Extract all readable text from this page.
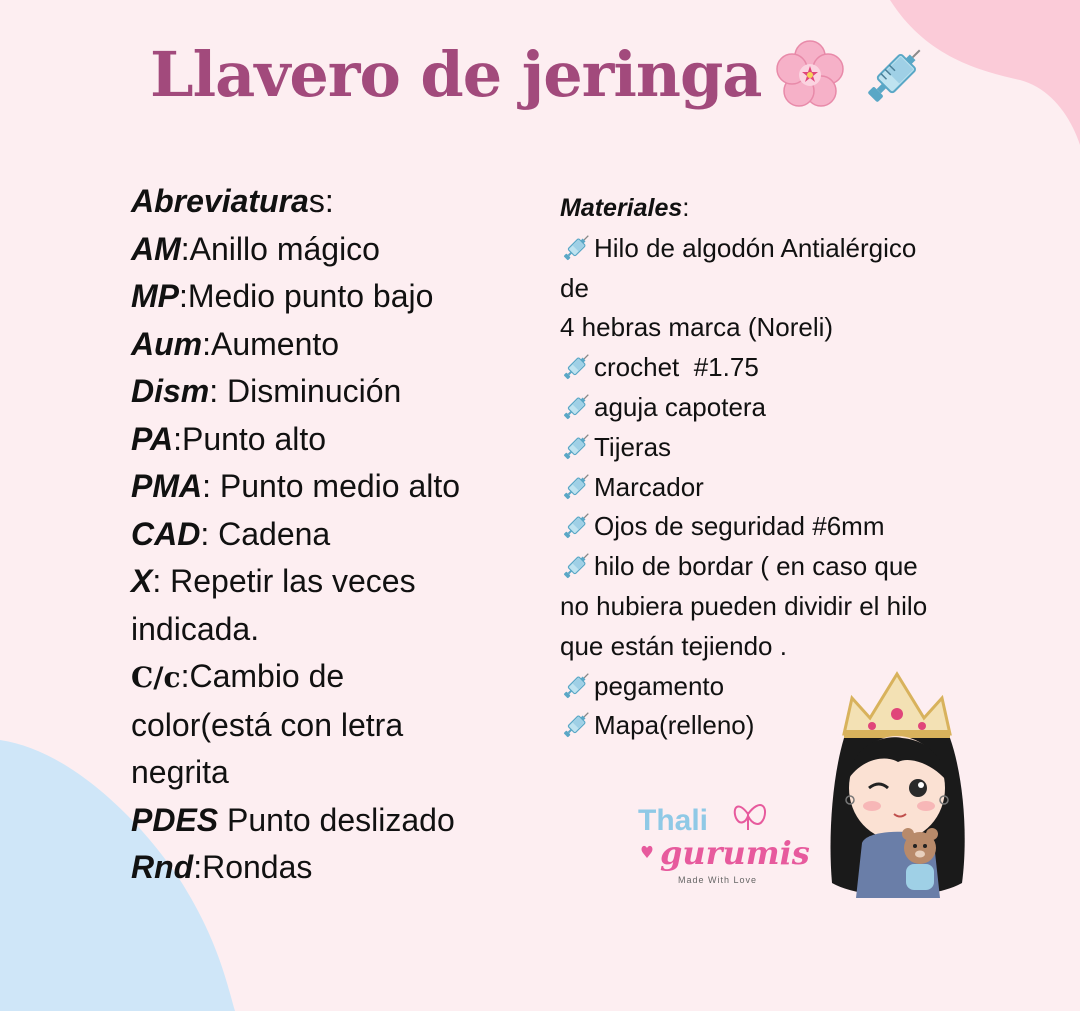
Llavero de jeringa

Abreviaturas:

AM:Anillo mágico

MP:Medio punto bajo

Aum:Aumento

Dism: Disminución

PA:Punto alto

PMA: Punto medio alto

CAD: Cadena

X: Repetir las veces

indicada.

C/c:Cambio de

color(está con letra

negrita

PDES Punto deslizado

Rnd:Rondas

Materiales:

Hilo de algodón Antialérgico

de

4 hebras marca (Noreli)

crochet  #1.75

aguja capotera

Tijeras

Marcador

Ojos de seguridad #6mm

hilo de bordar ( en caso que

no hubiera pueden dividir el hilo

que están tejiendo .

pegamento

Mapa(relleno)

Thali
gurumis
Made With Love
